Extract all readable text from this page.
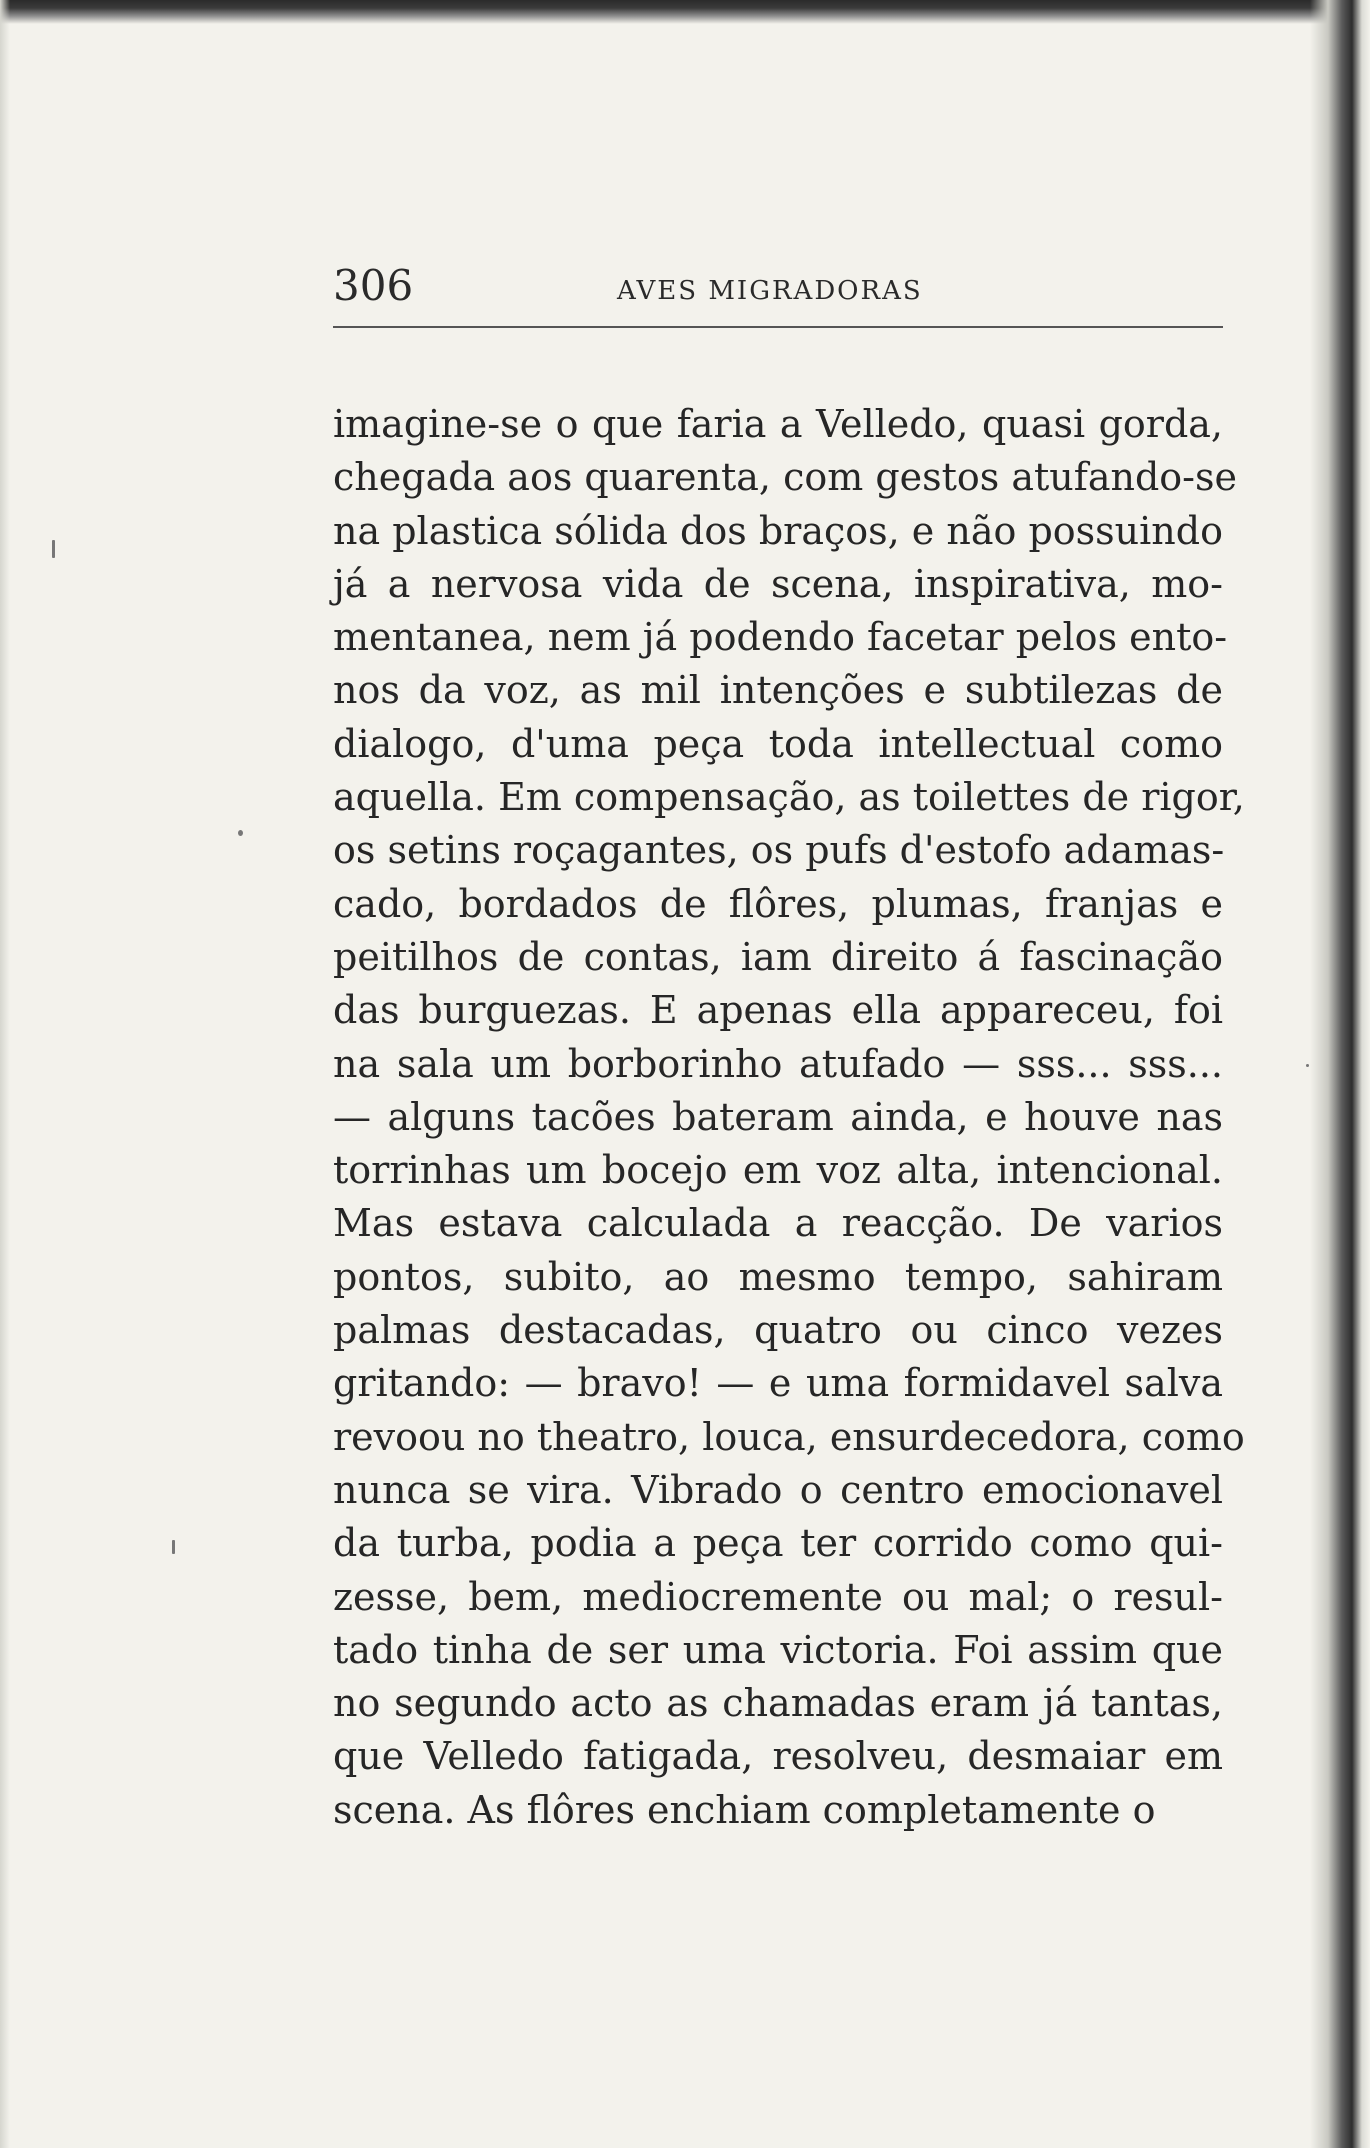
306	AVES MIGRADORAS
imagine-se o que faria a Velledo, quasi gorda,
chegada aos quarenta, com gestos atufando-se
na plastica sólida dos braços, e não possuindo
já a nervosa vida de scena, inspirativa, mo-
mentanea, nem já podendo facetar pelos ento-
nos da voz, as mil intenções e subtilezas de
dialogo, d'uma peça toda intellectual como
aquella. Em compensação, as toilettes de rigor,
os setins roçagantes, os pufs d'estofo adamas-
cado, bordados de flôres, plumas, franjas e
peitilhos de contas, iam direito á fascinação
das burguezas. E apenas ella appareceu, foi
na sala um borborinho atufado — sss... sss...
— alguns tacões bateram ainda, e houve nas
torrinhas um bocejo em voz alta, intencional.
Mas estava calculada a reacção. De varios
pontos, subito, ao mesmo tempo, sahiram
palmas destacadas, quatro ou cinco vezes
gritando: — bravo! — e uma formidavel salva
revoou no theatro, louca, ensurdecedora, como
nunca se vira. Vibrado o centro emocionavel
da turba, podia a peça ter corrido como qui-
zesse, bem, mediocremente ou mal; o resul-
tado tinha de ser uma victoria. Foi assim que
no segundo acto as chamadas eram já tantas,
que Velledo fatigada, resolveu, desmaiar em
scena. As flôres enchiam completamente o
